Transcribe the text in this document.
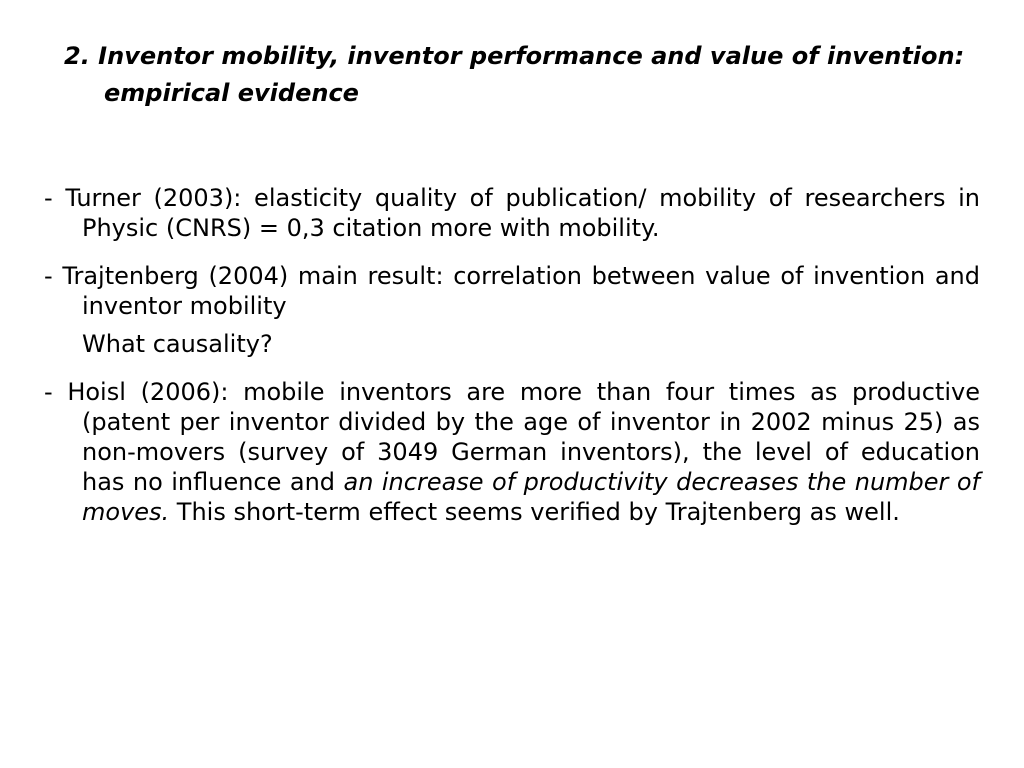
2. Inventor mobility, inventor performance and value of invention: empirical evidence

- Turner (2003): elasticity quality of publication/ mobility of researchers in Physic (CNRS) = 0,3 citation more with mobility.

- Trajtenberg (2004) main result: correlation between value of invention and inventor mobility

What causality?

- Hoisl (2006): mobile inventors are more than four times as productive (patent per inventor divided by the age of inventor in 2002 minus 25) as non-movers (survey of 3049 German inventors), the level of education has no influence and an increase of productivity decreases the number of moves. This short-term effect seems verified by Trajtenberg as well.
